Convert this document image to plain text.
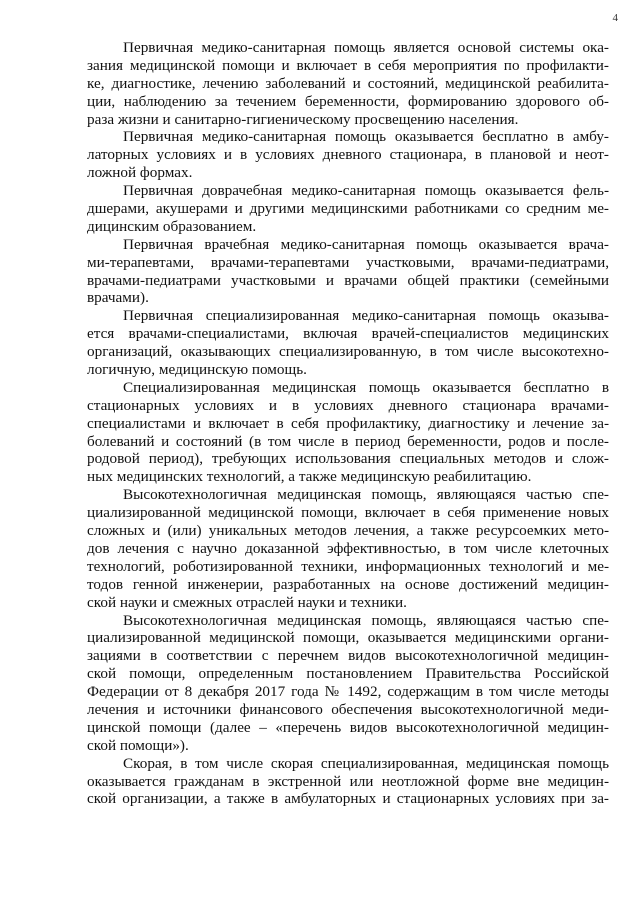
4
Первичная медико-санитарная помощь является основой системы ока-
зания медицинской помощи и включает в себя мероприятия по профилакти-
ке, диагностике, лечению заболеваний и состояний, медицинской реабилита-
ции, наблюдению за течением беременности, формированию здорового об-
раза жизни и санитарно-гигиеническому просвещению населения.
Первичная медико-санитарная помощь оказывается бесплатно в амбу-
латорных условиях и в условиях дневного стационара, в плановой и неот-
ложной формах.
Первичная доврачебная медико-санитарная помощь оказывается фель-
дшерами, акушерами и другими медицинскими работниками со средним ме-
дицинским образованием.
Первичная врачебная медико-санитарная помощь оказывается врача-
ми-терапевтами, врачами-терапевтами участковыми, врачами-педиатрами,
врачами-педиатрами участковыми и врачами общей практики (семейными
врачами).
Первичная специализированная медико-санитарная помощь оказыва-
ется врачами-специалистами, включая врачей-специалистов медицинских
организаций, оказывающих специализированную, в том числе высокотехно-
логичную, медицинскую помощь.
Специализированная медицинская помощь оказывается бесплатно в
стационарных условиях и в условиях дневного стационара врачами-
специалистами и включает в себя профилактику, диагностику и лечение за-
болеваний и состояний (в том числе в период беременности, родов и после-
родовой период), требующих использования специальных методов и слож-
ных медицинских технологий, а также медицинскую реабилитацию.
Высокотехнологичная медицинская помощь, являющаяся частью спе-
циализированной медицинской помощи, включает в себя применение новых
сложных и (или) уникальных методов лечения, а также ресурсоемких мето-
дов лечения с научно доказанной эффективностью, в том числе клеточных
технологий, роботизированной техники, информационных технологий и ме-
тодов генной инженерии, разработанных на основе достижений медицин-
ской науки и смежных отраслей науки и техники.
Высокотехнологичная медицинская помощь, являющаяся частью спе-
циализированной медицинской помощи, оказывается медицинскими органи-
зациями в соответствии с перечнем видов высокотехнологичной медицин-
ской помощи, определенным постановлением Правительства Российской
Федерации от 8 декабря 2017 года № 1492, содержащим в том числе методы
лечения и источники финансового обеспечения высокотехнологичной меди-
цинской помощи (далее – «перечень видов высокотехнологичной медицин-
ской помощи»).
Скорая, в том числе скорая специализированная, медицинская помощь
оказывается гражданам в экстренной или неотложной форме вне медицин-
ской организации, а также в амбулаторных и стационарных условиях при за-
